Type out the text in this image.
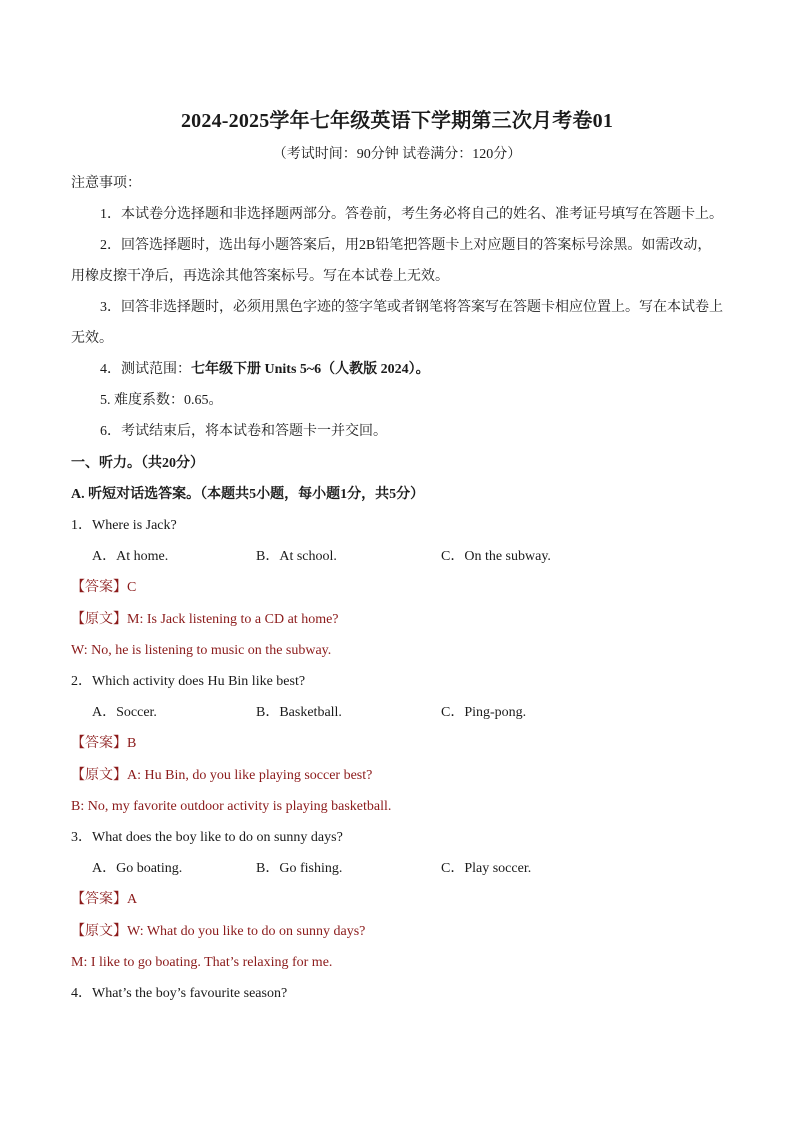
2024-2025学年七年级英语下学期第三次月考卷01
（考试时间：90分钟 试卷满分：120分）
注意事项：
1．本试卷分选择题和非选择题两部分。答卷前，考生务必将自己的姓名、准考证号填写在答题卡上。
2．回答选择题时，选出每小题答案后，用2B铅笔把答题卡上对应题目的答案标号涂黑。如需改动，
用橡皮擦干净后，再选涂其他答案标号。写在本试卷上无效。
3．回答非选择题时，必须用黑色字迹的签字笔或者钢笔将答案写在答题卡相应位置上。写在本试卷上
无效。
4．测试范围：七年级下册 Units 5~6（人教版 2024）。
5. 难度系数：0.65。
6．考试结束后，将本试卷和答题卡一并交回。
一、听力。（共20分）
A. 听短对话选答案。（本题共5小题，每小题1分，共5分）
1．Where is Jack?
A．At home.	B．At school.	C．On the subway.
【答案】C
【原文】M: Is Jack listening to a CD at home?
W: No, he is listening to music on the subway.
2．Which activity does Hu Bin like best?
A．Soccer.	B．Basketball.	C．Ping-pong.
【答案】B
【原文】A: Hu Bin, do you like playing soccer best?
B: No, my favorite outdoor activity is playing basketball.
3．What does the boy like to do on sunny days?
A．Go boating.	B．Go fishing.	C．Play soccer.
【答案】A
【原文】W: What do you like to do on sunny days?
M: I like to go boating. That’s relaxing for me.
4．What’s the boy’s favourite season?
